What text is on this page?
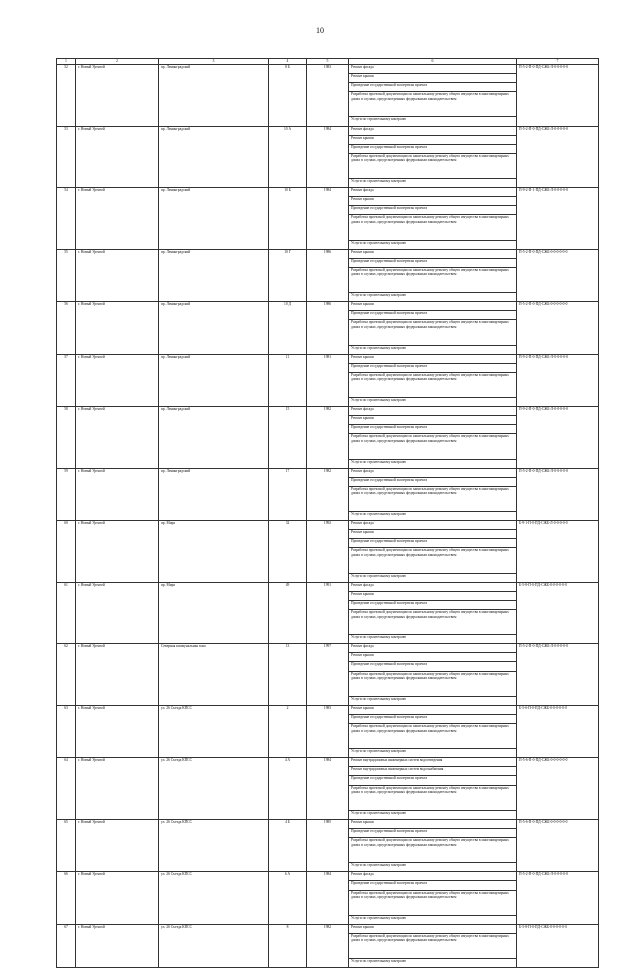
10
1	2	3	4	5	6	7
52	г. Новый Уренгой	пр. Ленинградский	8 Б	1983	Ремонт фасада	П-5-2-П-0-ПД-СЖБ-Л-0-0-0-0-0
					Ремонт крыши	
					Проведение государственной экспертизы проекта	
					Разработка проектной документации по капитальному ремонту общего имущества в многоквартирных домах в случаях, предусмотренных федеральным законодательством	
					Услуги по строительному контролю	
53	г. Новый Уренгой	пр. Ленинградский	10 А	1984	Ремонт фасада	П-5-2-П-0-ПД-СЖБ-Л-0-0-0-0-0
					Ремонт крыши	
					Проведение государственной экспертизы проекта	
					Разработка проектной документации по капитальному ремонту общего имущества в многоквартирных домах в случаях, предусмотренных федеральным законодательством	
					Услуги по строительному контролю	
54	г. Новый Уренгой	пр. Ленинградский	10 Б	1984	Ремонт фасада	П-9-2-П-1-ПД-СЖБ-Л-0-0-0-0-0
					Ремонт крыши	
					Проведение государственной экспертизы проекта	
					Разработка проектной документации по капитальному ремонту общего имущества в многоквартирных домах в случаях, предусмотренных федеральным законодательством	
					Услуги по строительному контролю	
55	г. Новый Уренгой	пр. Ленинградский	10 Г	1986	Ремонт крыши	П-5-2-П-0-ПД-СЖБ-0-0-0-0-0-0
					Проведение государственной экспертизы проекта	
					Разработка проектной документации по капитальному ремонту общего имущества в многоквартирных домах в случаях, предусмотренных федеральным законодательством	
					Услуги по строительному контролю	
56	г. Новый Уренгой	пр. Ленинградский	10 Д	1986	Ремонт крыши	П-5-2-П-0-ПД-СЖБ-0-0-0-0-0-0
					Проведение государственной экспертизы проекта	
					Разработка проектной документации по капитальному ремонту общего имущества в многоквартирных домах в случаях, предусмотренных федеральным законодательством	
					Услуги по строительному контролю	
57	г. Новый Уренгой	пр. Ленинградский	11	1981	Ремонт крыши	П-9-2-П-0-ПД-СЖБ-Л-0-0-0-0-0
					Проведение государственной экспертизы проекта	
					Разработка проектной документации по капитальному ремонту общего имущества в многоквартирных домах в случаях, предусмотренных федеральным законодательством	
					Услуги по строительному контролю	
58	г. Новый Уренгой	пр. Ленинградский	15	1982	Ремонт фасада	П-9-2-П-0-ПД-СЖБ-Л-0-0-0-0-0
					Ремонт крыши	
					Проведение государственной экспертизы проекта	
					Разработка проектной документации по капитальному ремонту общего имущества в многоквартирных домах в случаях, предусмотренных федеральным законодательством	
					Услуги по строительному контролю	
59	г. Новый Уренгой	пр. Ленинградский	17	1982	Ремонт фасада	П-5-2-П-0-ПД-СЖБ-Л-0-0-0-0-0
					Проведение государственной экспертизы проекта	
					Разработка проектной документации по капитальному ремонту общего имущества в многоквартирных домах в случаях, предусмотренных федеральным законодательством	
					Услуги по строительному контролю	
60	г. Новый Уренгой	пр. Мира	32	1992	Ремонт фасада	Б-9-1-П-0-ПД-СЖБ-Л-0-0-0-0-0
					Ремонт крыши	
					Проведение государственной экспертизы проекта	
					Разработка проектной документации по капитальному ремонту общего имущества в многоквартирных домах в случаях, предусмотренных федеральным законодательством	
					Услуги по строительному контролю	
61	г. Новый Уренгой	пр. Мира	49	1991	Ремонт фасада	Б-5-8-П-0-ПД-СЖБ-0-0-0-0-0-0
					Ремонт крыши	
					Проведение государственной экспертизы проекта	
					Разработка проектной документации по капитальному ремонту общего имущества в многоквартирных домах в случаях, предусмотренных федеральным законодательством	
					Услуги по строительному контролю	
62	г. Новый Уренгой	Северная коммунальная зона	13	1997	Ремонт фасада	П-5-2-П-0-ПД-СЖБ-Л-0-0-0-0-0
					Ремонт крыши	
					Проведение государственной экспертизы проекта	
					Разработка проектной документации по капитальному ремонту общего имущества в многоквартирных домах в случаях, предусмотренных федеральным законодательством	
					Услуги по строительному контролю	
63	г. Новый Уренгой	ул. 26 Съезда КПСС	2	1983	Ремонт крыши	Б-5-6-П-0-ПД-СЖБ-0-0-0-0-0-0
					Проведение государственной экспертизы проекта	
					Разработка проектной документации по капитальному ремонту общего имущества в многоквартирных домах в случаях, предусмотренных федеральным законодательством	
					Услуги по строительному контролю	
64	г. Новый Уренгой	ул. 26 Съезда КПСС	4 А	1984	Ремонт внутридомовых инженерных систем водоотведения	П-5-6-П-0-ПД-СЖБ-0-0-0-0-0-0
					Ремонт внутридомовых инженерных систем водоснабжения	
					Проведение государственной экспертизы проекта	
					Разработка проектной документации по капитальному ремонту общего имущества в многоквартирных домах в случаях, предусмотренных федеральным законодательством	
					Услуги по строительному контролю	
65	г. Новый Уренгой	ул. 26 Съезда КПСС	4 Б	1985	Ремонт крыши	П-5-6-П-0-ПД-СЖБ-0-0-0-0-0-0
					Проведение государственной экспертизы проекта	
					Разработка проектной документации по капитальному ремонту общего имущества в многоквартирных домах в случаях, предусмотренных федеральным законодательством	
					Услуги по строительному контролю	
66	г. Новый Уренгой	ул. 26 Съезда КПСС	6 А	1984	Ремонт фасада	П-5-2-П-0-ПД-СЖБ-Л-0-0-0-0-0
					Проведение государственной экспертизы проекта	
					Разработка проектной документации по капитальному ремонту общего имущества в многоквартирных домах в случаях, предусмотренных федеральным законодательством	
					Услуги по строительному контролю	
67	г. Новый Уренгой	ул. 26 Съезда КПСС	8	1982	Ремонт крыши	Б-5-8-П-0-ПД-СЖБ-0-0-0-0-0-0
					Разработка проектной документации по капитальному ремонту общего имущества в многоквартирных домах в случаях, предусмотренных федеральным законодательством	
					Услуги по строительному контролю	
